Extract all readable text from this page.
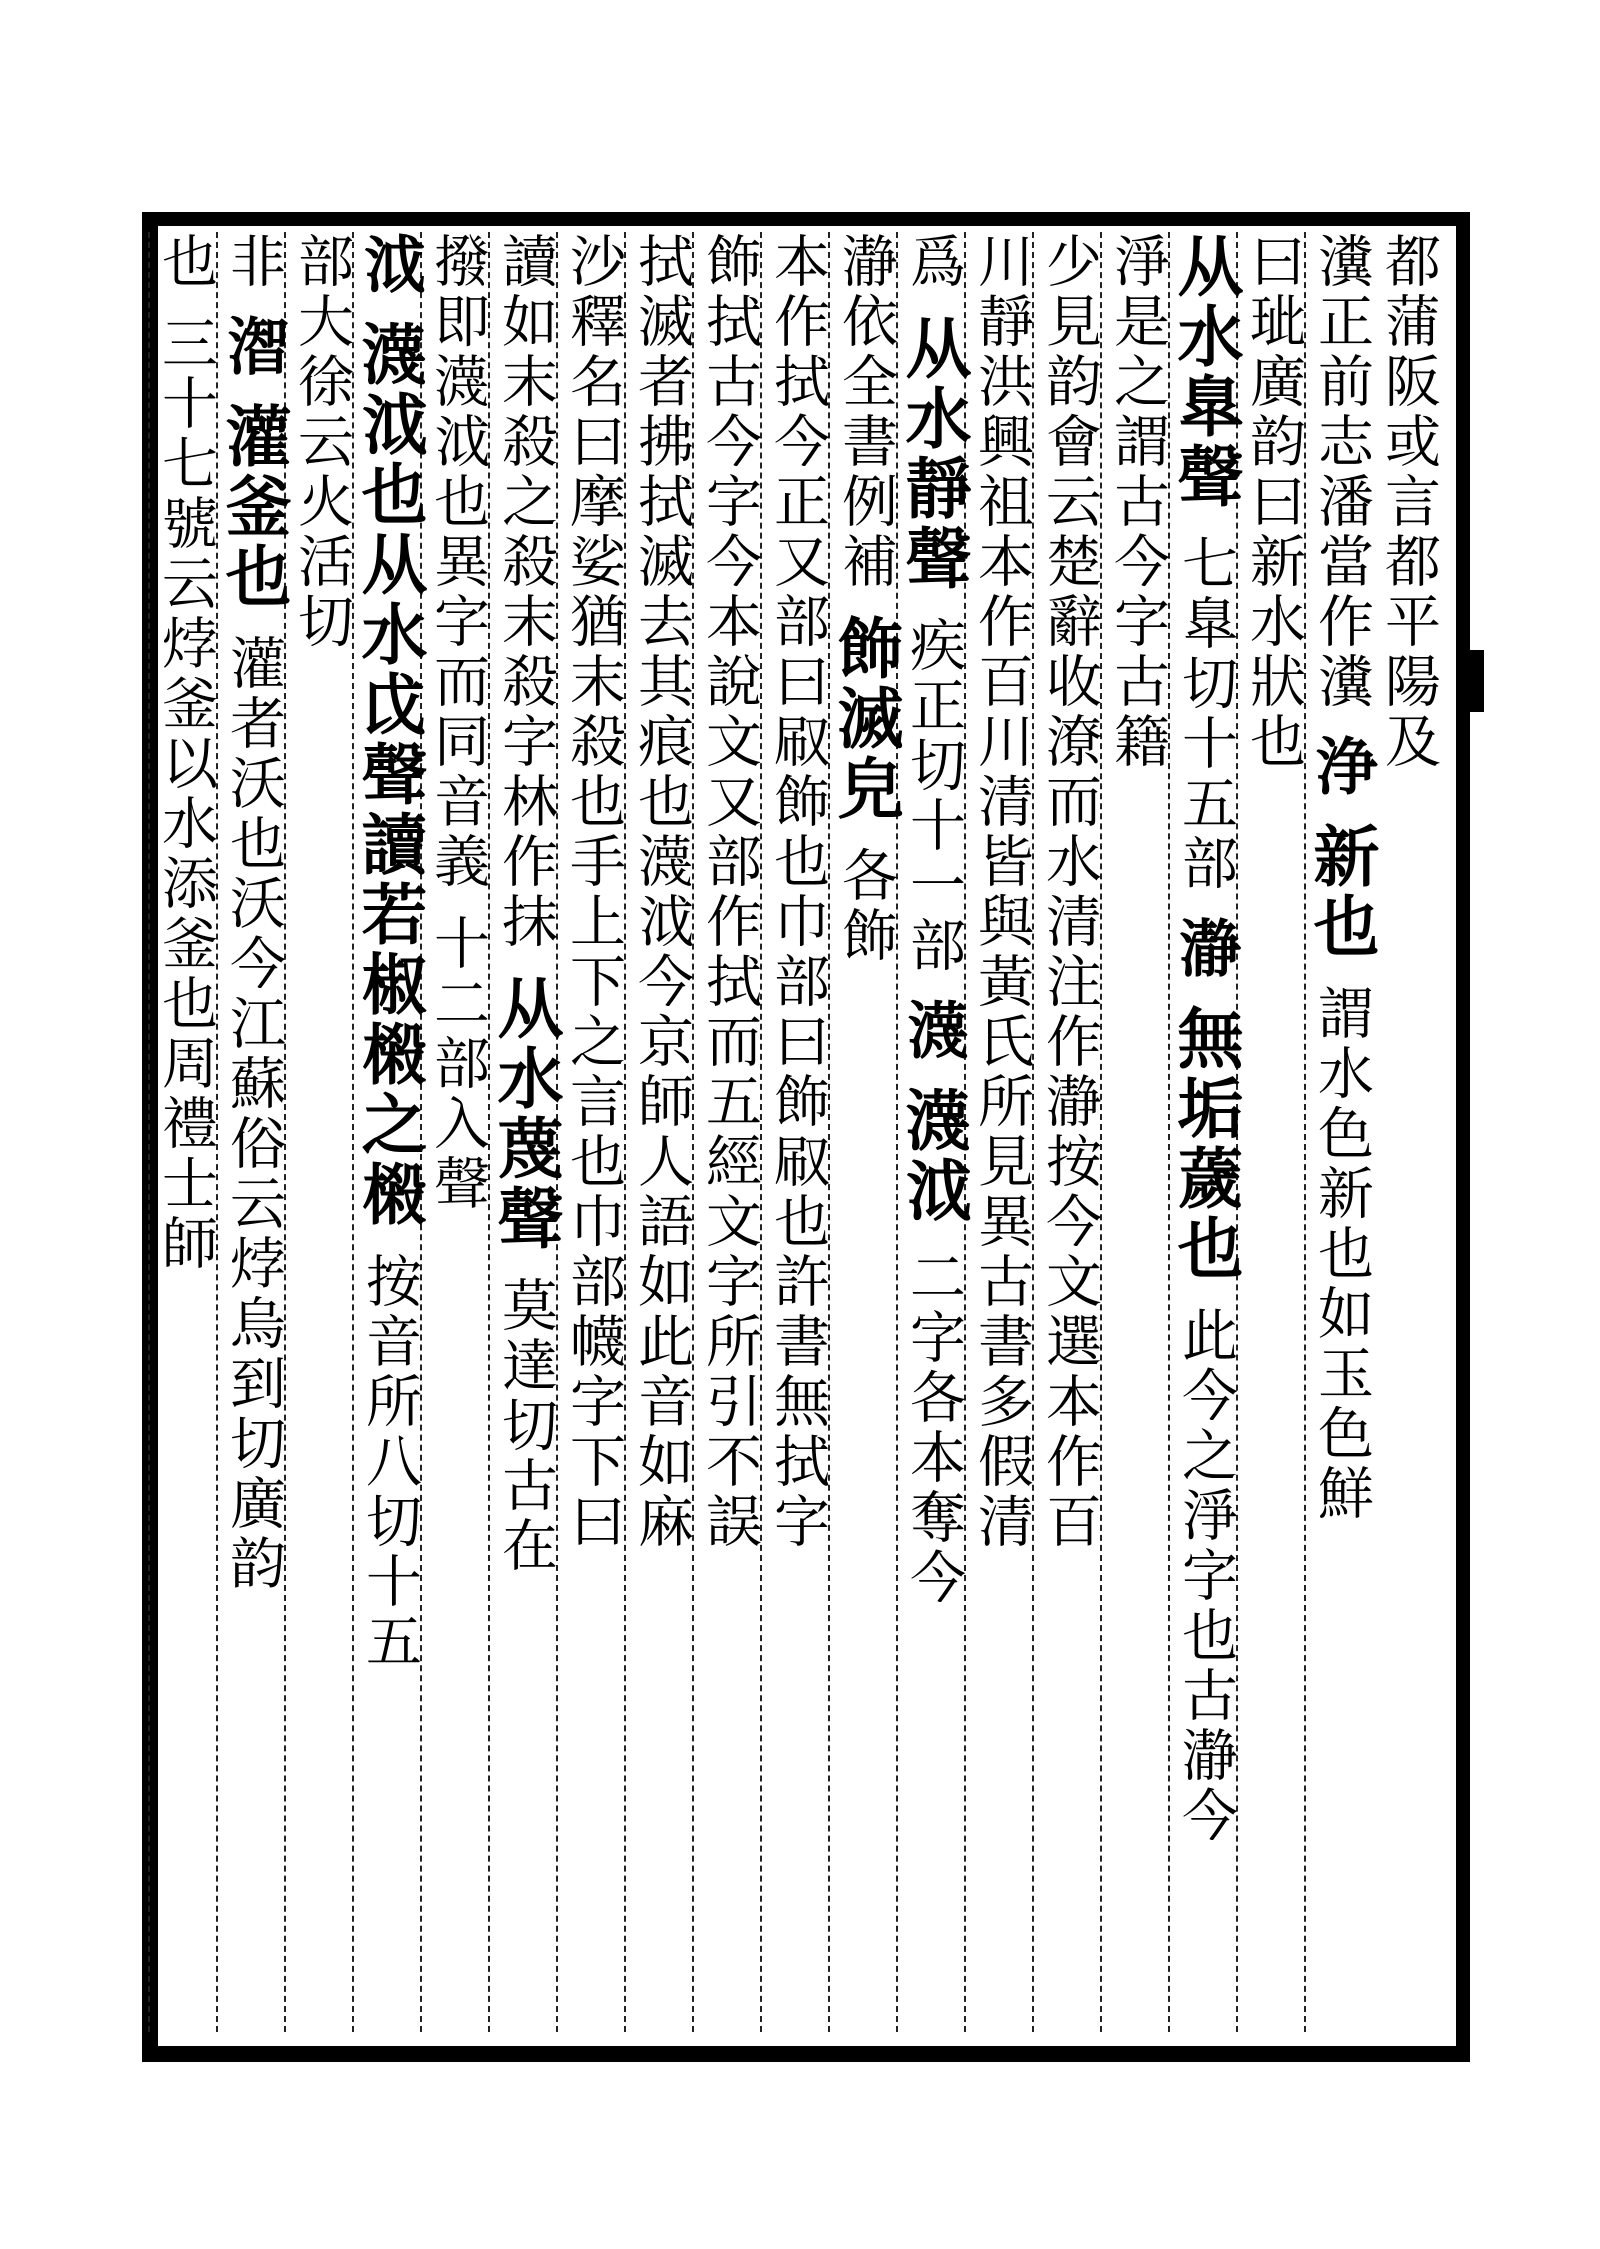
都蒲阪或言都平陽及
瀵正前志潘當作瀵
浄
新也
謂水色新也如玉色鮮
曰玼廣韵曰新水狀也
从水臯聲
七臯切十五部
瀞
無垢薉也
此今之淨字也古瀞今
淨是之謂古今字古籍
少見韵會云楚辭收潦而水清注作瀞按今文選本作百
川靜洪興祖本作百川清皆與黃氏所見異古書多假清
爲
从水靜聲
疾正切十一部
瀎
瀎泧
二字各本奪今
瀞依全書例補
飾滅皃
各飾
本作拭今正又部曰㕞飾也巾部曰飾㕞也許書無拭字
飾拭古今字今本說文又部作拭而五經文字所引不誤
拭滅者拂拭滅去其痕也瀎泧今京師人語如此音如麻
沙釋名曰摩娑猶末殺也手上下之言也巾部幭字下曰
讀如末殺之殺末殺字林作抹
从水蔑聲
莫達切古在
撥即瀎泧也異字而同音義
十二部入聲
泧
瀎泧也从水戉聲讀若椒樧之樧
按音所八切十五
部大徐云火活切
非
潪
灌釜也
灌者沃也沃今江蘇俗云㶿烏到切廣韵
也
三十七號云㶿釜以水添釜也周禮士師
